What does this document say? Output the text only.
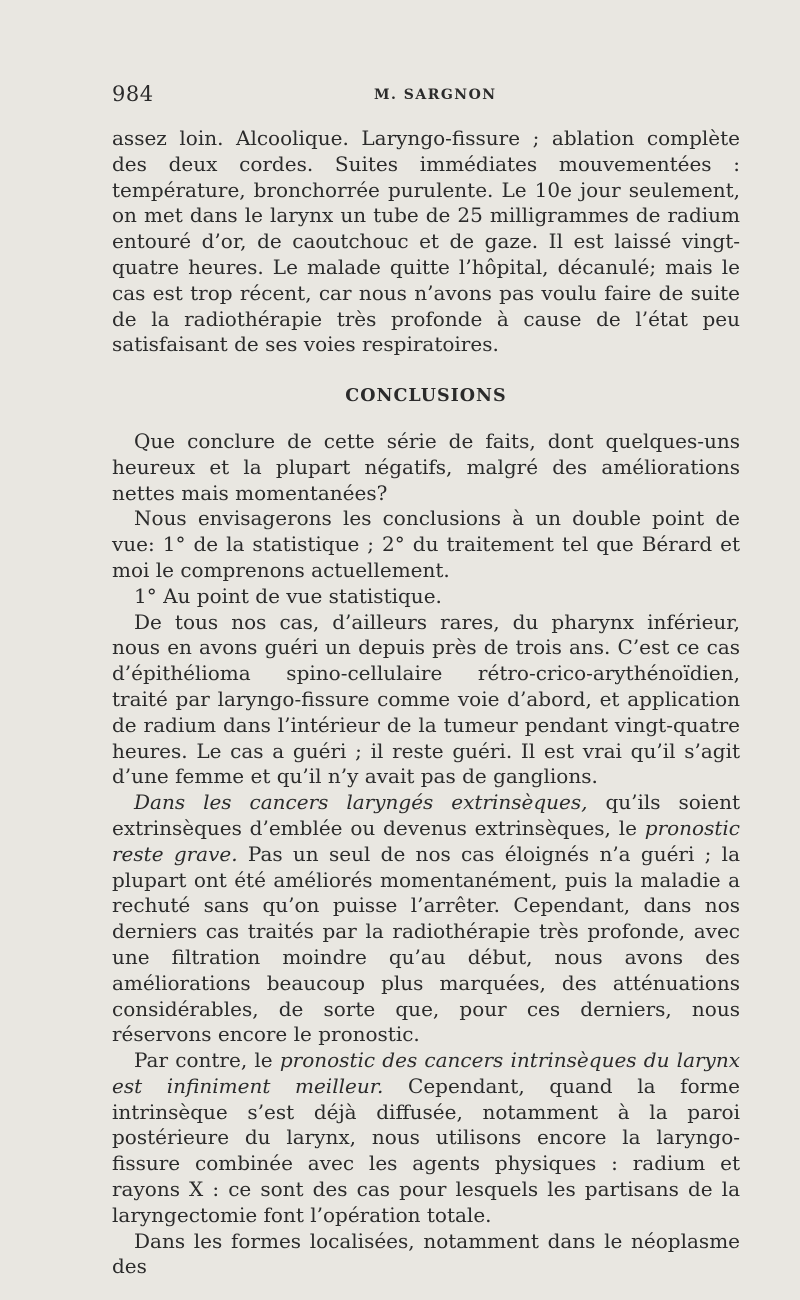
984	M. SARGNON

assez loin. Alcoolique. Laryngo-fissure ; ablation complète des deux cordes. Suites immédiates mouvementées : température, bronchorrée purulente. Le 10e jour seulement, on met dans le larynx un tube de 25 milligrammes de radium entouré d’or, de caoutchouc et de gaze. Il est laissé vingt-quatre heures. Le malade quitte l’hôpital, décanulé; mais le cas est trop récent, car nous n’avons pas voulu faire de suite de la radiothérapie très profonde à cause de l’état peu satisfaisant de ses voies respiratoires.

CONCLUSIONS

Que conclure de cette série de faits, dont quelques-uns heureux et la plupart négatifs, malgré des améliorations nettes mais momentanées?

Nous envisagerons les conclusions à un double point de vue: 1° de la statistique ; 2° du traitement tel que Bérard et moi le comprenons actuellement.

1° Au point de vue statistique.

De tous nos cas, d’ailleurs rares, du pharynx inférieur, nous en avons guéri un depuis près de trois ans. C’est ce cas d’épithélioma spino-cellulaire rétro-crico-arythénoïdien, traité par laryngo-fissure comme voie d’abord, et application de radium dans l’intérieur de la tumeur pendant vingt-quatre heures. Le cas a guéri ; il reste guéri. Il est vrai qu’il s’agit d’une femme et qu’il n’y avait pas de ganglions.

Dans les cancers laryngés extrinsèques, qu’ils soient extrinsèques d’emblée ou devenus extrinsèques, le pronostic reste grave. Pas un seul de nos cas éloignés n’a guéri ; la plupart ont été améliorés momentanément, puis la maladie a rechuté sans qu’on puisse l’arrêter. Cependant, dans nos derniers cas traités par la radiothérapie très profonde, avec une filtration moindre qu’au début, nous avons des améliorations beaucoup plus marquées, des atténuations considérables, de sorte que, pour ces derniers, nous réservons encore le pronostic.

Par contre, le pronostic des cancers intrinsèques du larynx est infiniment meilleur. Cependant, quand la forme intrinsèque s’est déjà diffusée, notamment à la paroi postérieure du larynx, nous utilisons encore la laryngo-fissure combinée avec les agents physiques : radium et rayons X : ce sont des cas pour lesquels les partisans de la laryngectomie font l’opération totale.

Dans les formes localisées, notamment dans le néoplasme des
